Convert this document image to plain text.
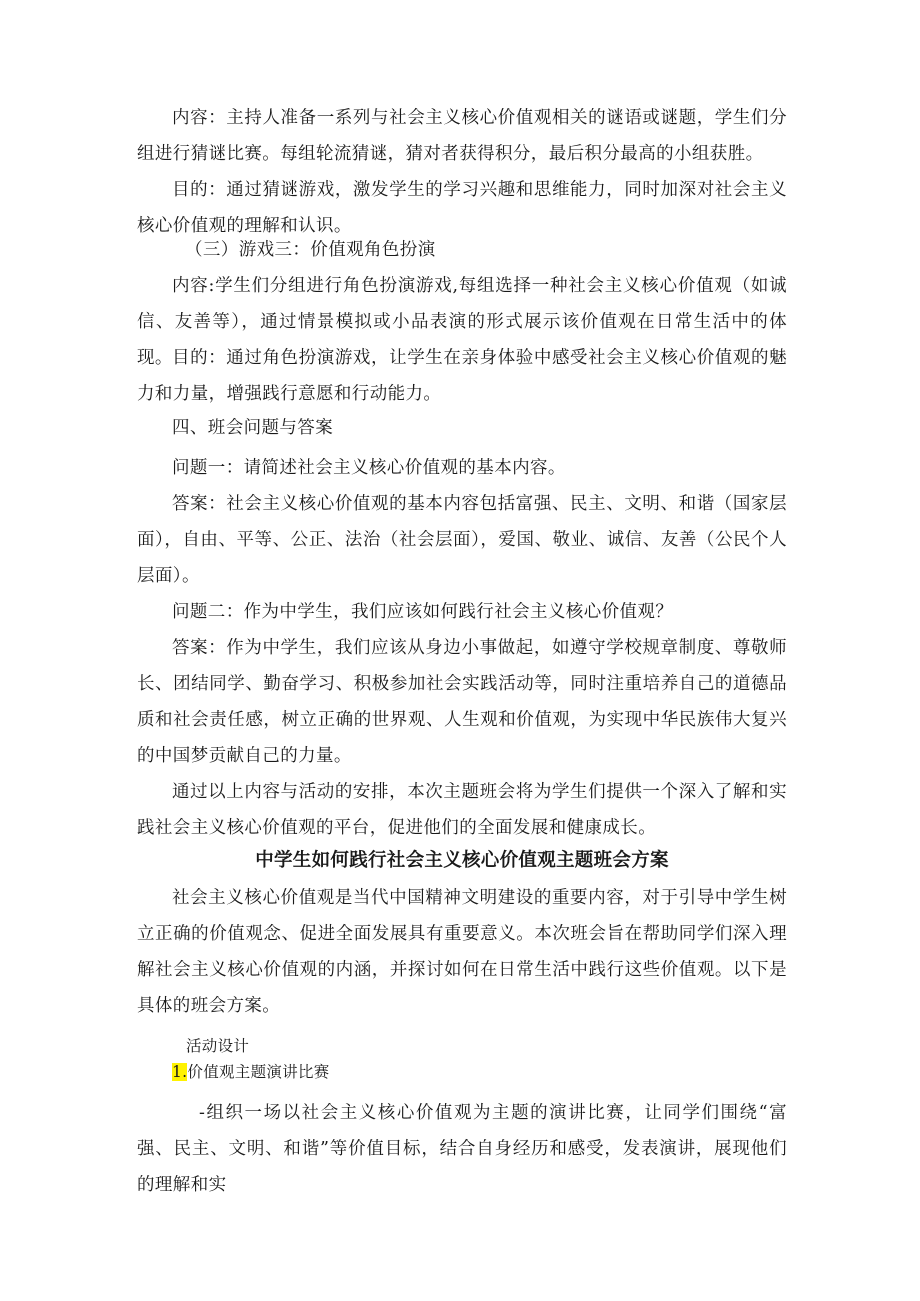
内容：主持人准备一系列与社会主义核心价值观相关的谜语或谜题，学生们分组进行猜谜比赛。每组轮流猜谜，猜对者获得积分，最后积分最高的小组获胜。

目的：通过猜谜游戏，激发学生的学习兴趣和思维能力，同时加深对社会主义核心价值观的理解和认识。

（三）游戏三：价值观角色扮演

内容:学生们分组进行角色扮演游戏,每组选择一种社会主义核心价值观（如诚信、友善等），通过情景模拟或小品表演的形式展示该价值观在日常生活中的体现。 目的：通过角色扮演游戏，让学生在亲身体验中感受社会主义核心价值观的魅力和力量，增强践行意愿和行动能力。

四、班会问题与答案

问题一：请简述社会主义核心价值观的基本内容。

答案：社会主义核心价值观的基本内容包括富强、民主、文明、和谐（国家层面），自由、平等、公正、法治（社会层面），爱国、敬业、诚信、友善（公民个人层面）。

问题二：作为中学生，我们应该如何践行社会主义核心价值观？

答案：作为中学生，我们应该从身边小事做起，如遵守学校规章制度、尊敬师长、团结同学、勤奋学习、积极参加社会实践活动等，同时注重培养自己的道德品质和社会责任感，树立正确的世界观、人生观和价值观，为实现中华民族伟大复兴的中国梦贡献自己的力量。

通过以上内容与活动的安排，本次主题班会将为学生们提供一个深入了解和实践社会主义核心价值观的平台，促进他们的全面发展和健康成长。

中学生如何践行社会主义核心价值观主题班会方案

社会主义核心价值观是当代中国精神文明建设的重要内容，对于引导中学生树立正确的价值观念、促进全面发展具有重要意义。本次班会旨在帮助同学们深入理解社会主义核心价值观的内涵，并探讨如何在日常生活中践行这些价值观。以下是具体的班会方案。

活动设计

1.价值观主题演讲比赛

-组织一场以社会主义核心价值观为主题的演讲比赛，让同学们围绕“富强、民主、文明、和谐”等价值目标，结合自身经历和感受，发表演讲，展现他们的理解和实
